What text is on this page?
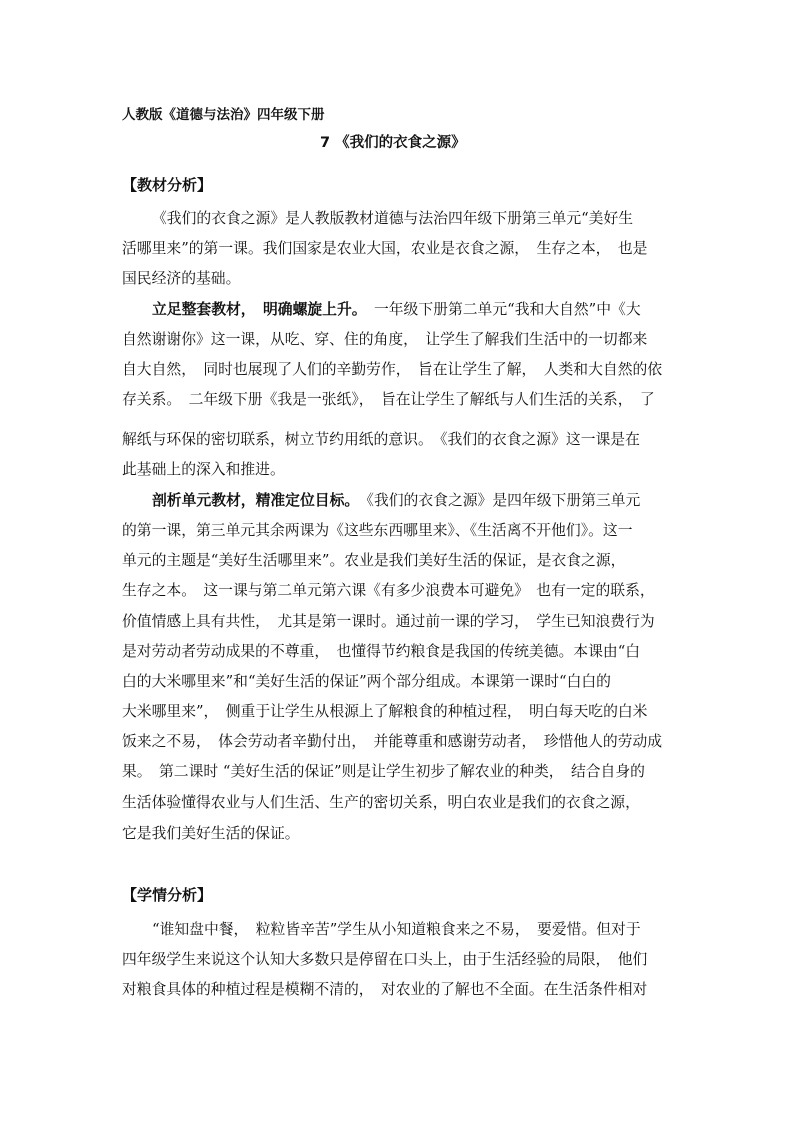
人教版《道德与法治》四年级下册

7 《我们的衣食之源》

【教材分析】

《我们的衣食之源》是人教版教材道德与法治四年级下册第三单元“美好生

活哪里来”的第一课。我们国家是农业大国，农业是衣食之源，　生存之本，　也是

国民经济的基础。

立足整套教材，　明确螺旋上升。　一年级下册第二单元“我和大自然”中《大

自然谢谢你》这一课，从吃、穿、住的角度，　让学生了解我们生活中的一切都来

自大自然，　同时也展现了人们的辛勤劳作，　旨在让学生了解，　人类和大自然的依

存关系。　二年级下册《我是一张纸》，　旨在让学生了解纸与人们生活的关系，　了

解纸与环保的密切联系，树立节约用纸的意识。　《我们的衣食之源》这一课是在

此基础上的深入和推进。

剖析单元教材，精准定位目标。　《我们的衣食之源》是四年级下册第三单元

的第一课，第三单元其余两课为《这些东西哪里来》、《生活离不开他们》。这一

单元的主题是“美好生活哪里来”。农业是我们美好生活的保证，是衣食之源，

生存之本。　这一课与第二单元第六课《有多少浪费本可避免》　也有一定的联系，

价值情感上具有共性，　尤其是第一课时。通过前一课的学习，　学生已知浪费行为

是对劳动者劳动成果的不尊重，　也懂得节约粮食是我国的传统美德。本课由“白

白的大米哪里来”和“美好生活的保证”两个部分组成。本课第一课时“白白的

大米哪里来”，　侧重于让学生从根源上了解粮食的种植过程，　明白每天吃的白米

饭来之不易，　体会劳动者辛勤付出，　并能尊重和感谢劳动者，　珍惜他人的劳动成

果。　第二课时 “美好生活的保证”则是让学生初步了解农业的种类，　结合自身的

生活体验懂得农业与人们生活、生产的密切关系，明白农业是我们的衣食之源，

它是我们美好生活的保证。

【学情分析】

“谁知盘中餐，　粒粒皆辛苦”学生从小知道粮食来之不易，　要爱惜。但对于

四年级学生来说这个认知大多数只是停留在口头上，由于生活经验的局限，　他们

对粮食具体的种植过程是模糊不清的，　对农业的了解也不全面。在生活条件相对
